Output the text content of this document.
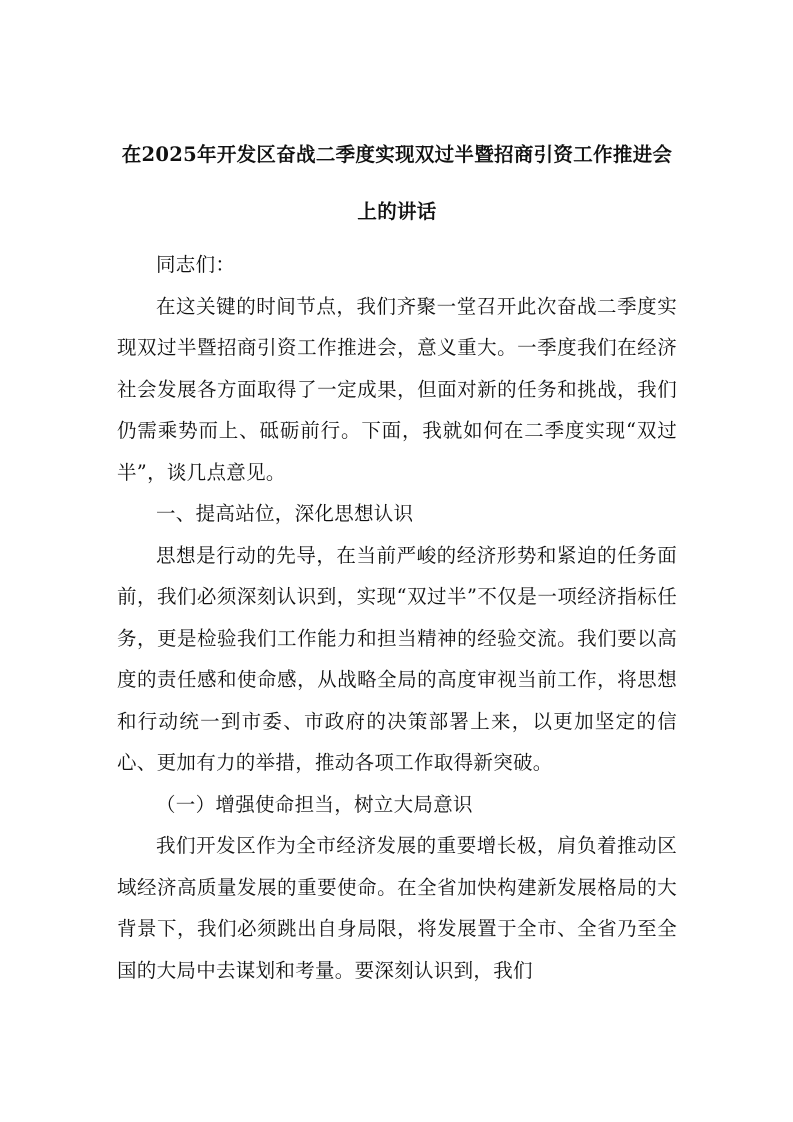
在2025年开发区奋战二季度实现双过半暨招商引资工作推进会上的讲话

同志们：

在这关键的时间节点，我们齐聚一堂召开此次奋战二季度实现双过半暨招商引资工作推进会，意义重大。一季度我们在经济社会发展各方面取得了一定成果，但面对新的任务和挑战，我们仍需乘势而上、砥砺前行。下面，我就如何在二季度实现“双过半”，谈几点意见。

一、提高站位，深化思想认识

思想是行动的先导，在当前严峻的经济形势和紧迫的任务面前，我们必须深刻认识到，实现“双过半”不仅是一项经济指标任务，更是检验我们工作能力和担当精神的经验交流。我们要以高度的责任感和使命感，从战略全局的高度审视当前工作，将思想和行动统一到市委、市政府的决策部署上来，以更加坚定的信心、更加有力的举措，推动各项工作取得新突破。

（一）增强使命担当，树立大局意识

我们开发区作为全市经济发展的重要增长极，肩负着推动区域经济高质量发展的重要使命。在全省加快构建新发展格局的大背景下，我们必须跳出自身局限，将发展置于全市、全省乃至全国的大局中去谋划和考量。要深刻认识到，我们
